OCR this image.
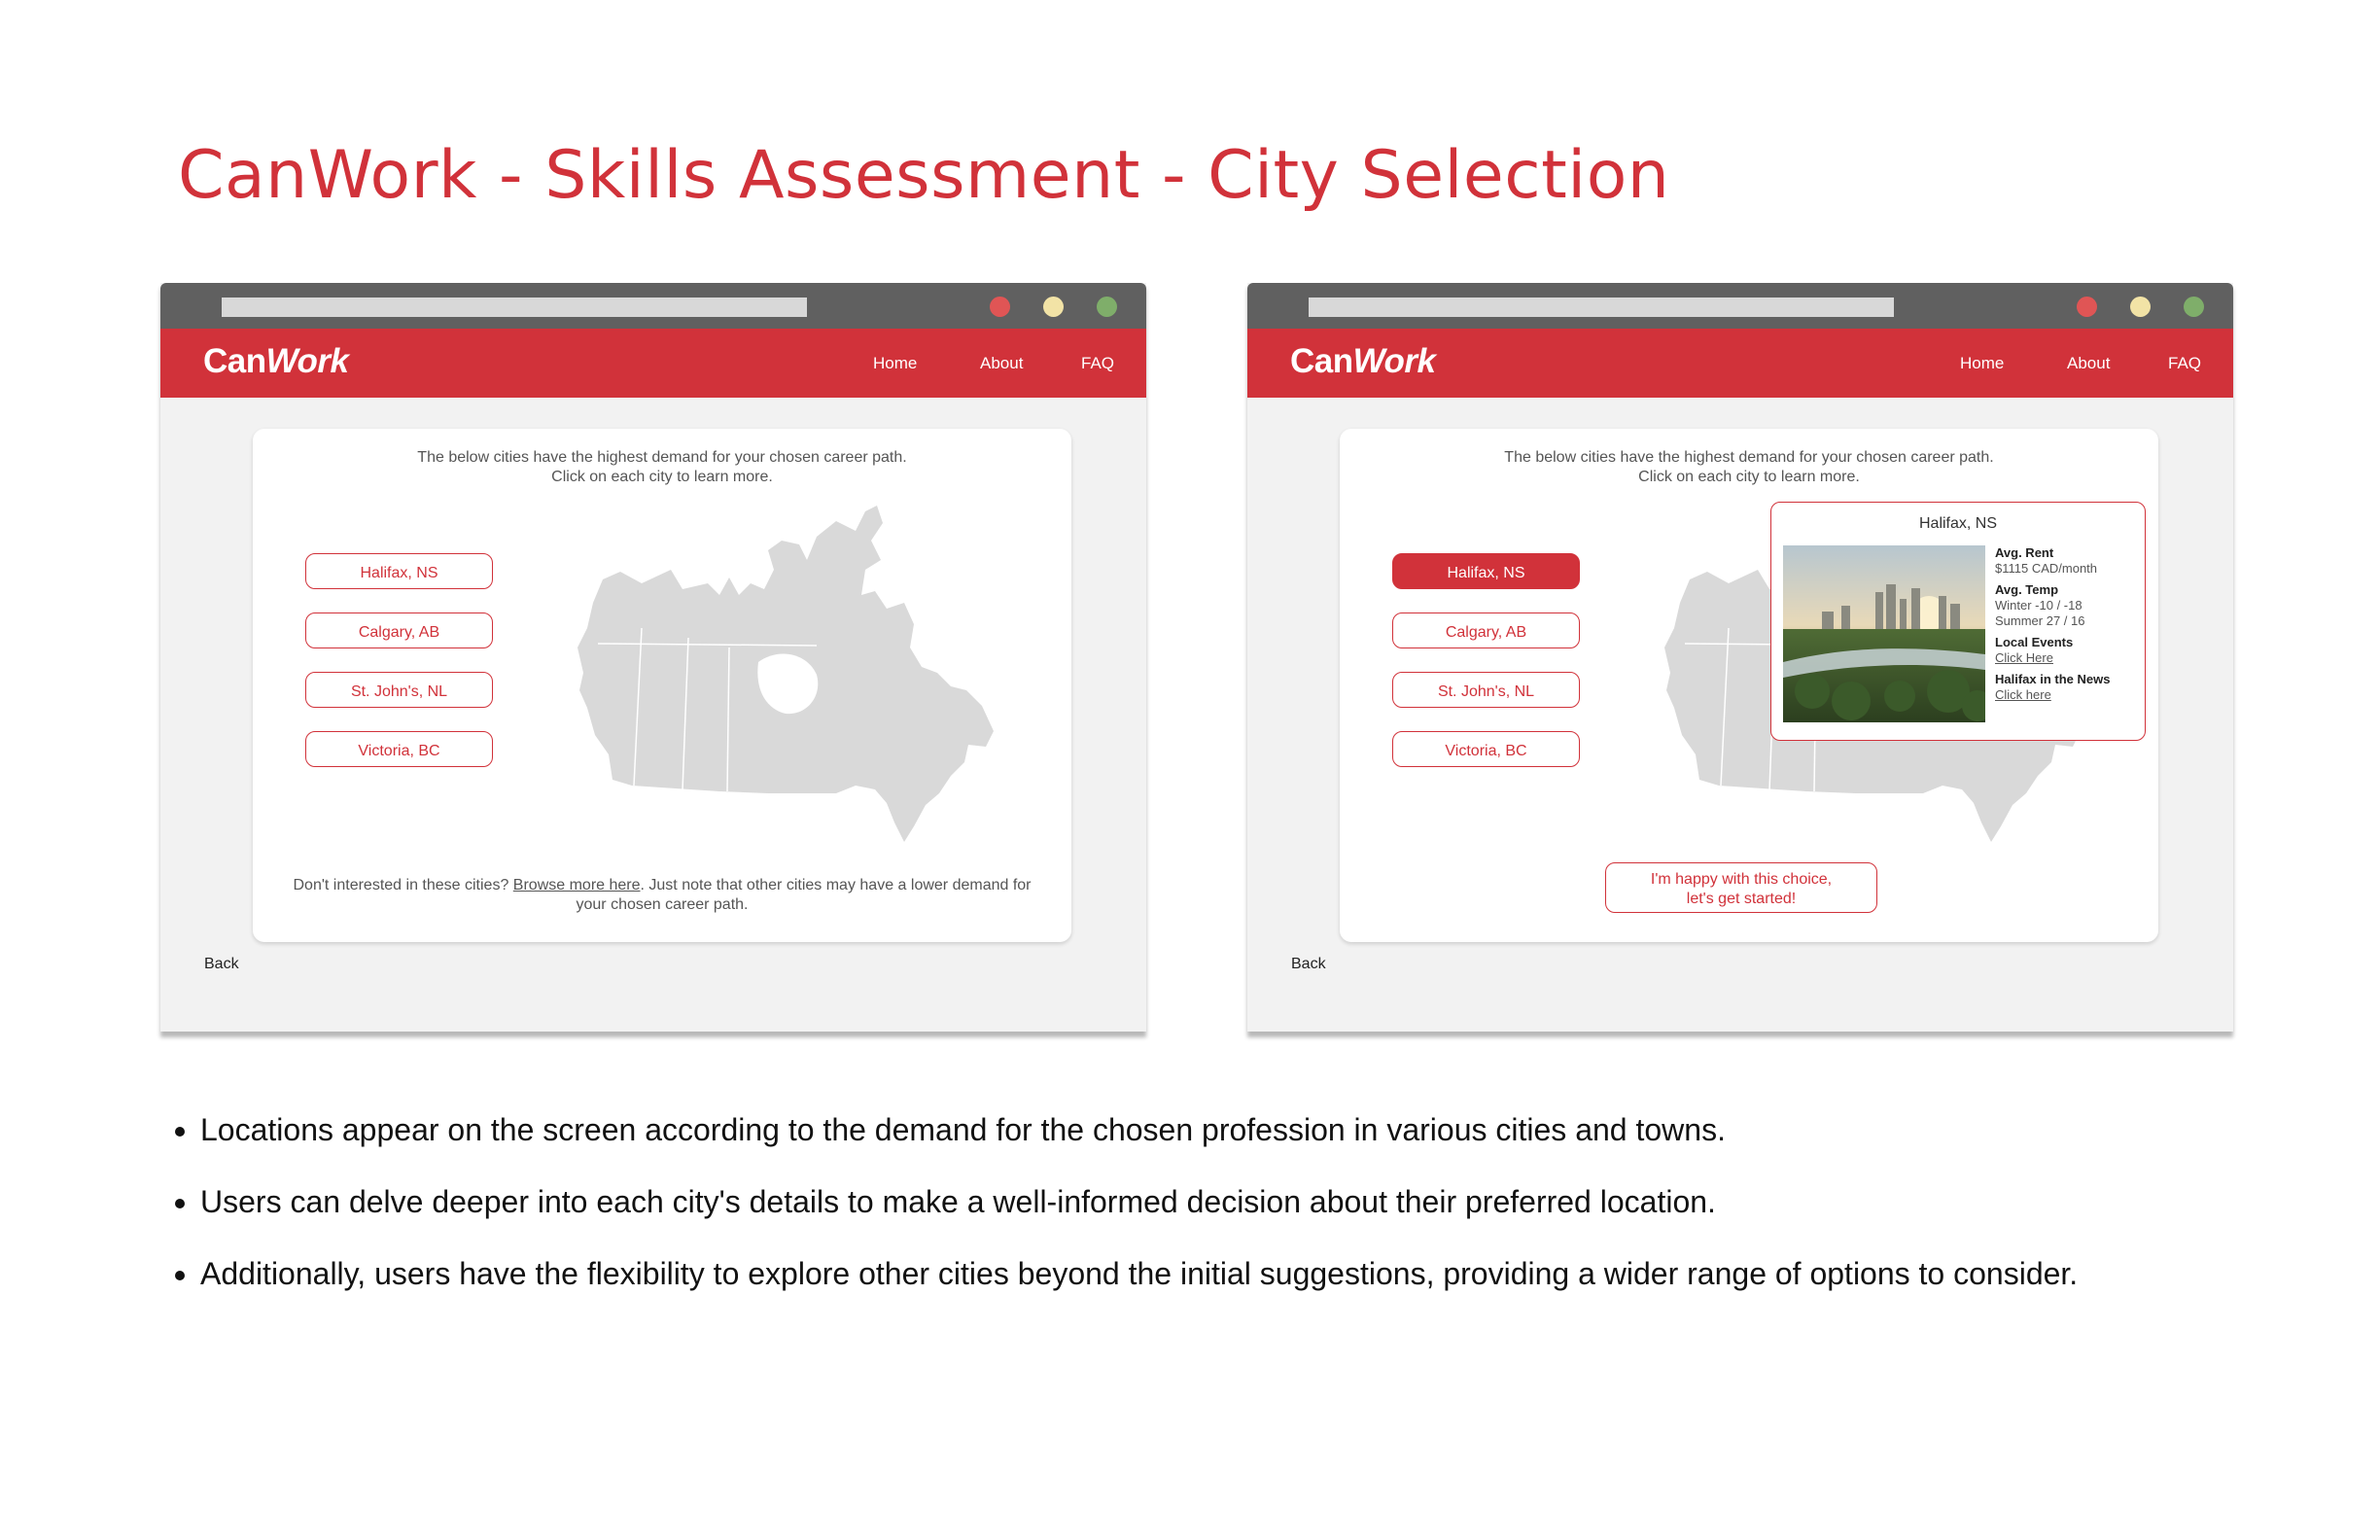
CanWork - Skills Assessment - City Selection
CanWork	Home	About	FAQ
The below cities have the highest demand for your chosen career path.
Click on each city to learn more.
Halifax, NS
Calgary, AB
St. John's, NL
Victoria, BC
Don't interested in these cities? Browse more here. Just note that other cities may have a lower demand for your chosen career path.
Back
CanWork	Home	About	FAQ
The below cities have the highest demand for your chosen career path.
Click on each city to learn more.
Halifax, NS
Calgary, AB
St. John's, NL
Victoria, BC
Halifax, NS
Avg. Rent
$1115 CAD/month
Avg. Temp
Winter -10 / -18
Summer 27 / 16
Local Events
Click Here
Halifax in the News
Click here
I'm happy with this choice,
let's get started!
Back
• Locations appear on the screen according to the demand for the chosen profession in various cities and towns.
• Users can delve deeper into each city's details to make a well-informed decision about their preferred location.
• Additionally, users have the flexibility to explore other cities beyond the initial suggestions, providing a wider range of options to consider.
